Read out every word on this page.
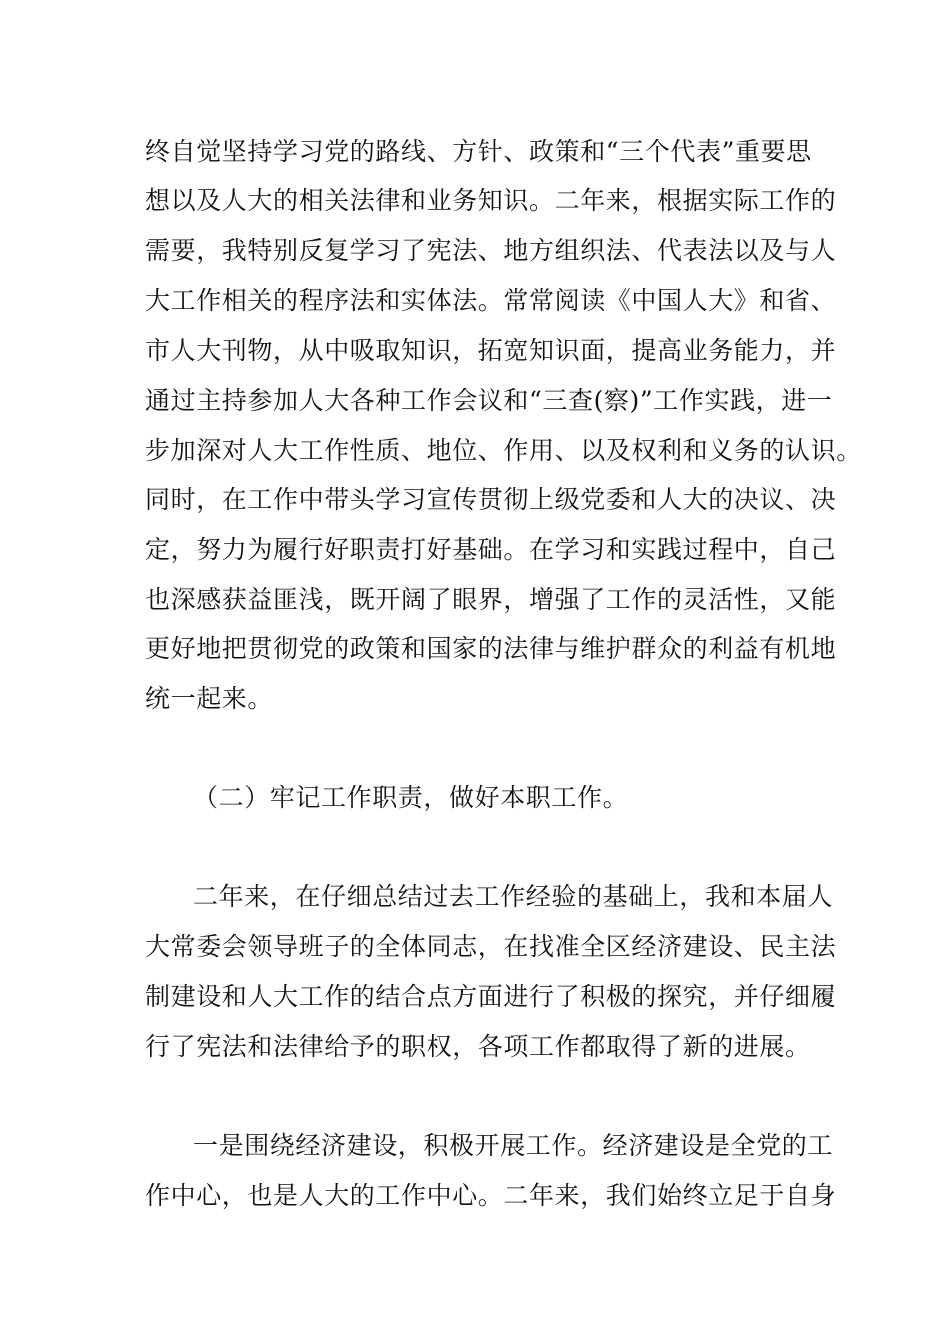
终自觉坚持学习党的路线、方针、政策和“三个代表”重要思
想以及人大的相关法律和业务知识。二年来，根据实际工作的
需要，我特别反复学习了宪法、地方组织法、代表法以及与人
大工作相关的程序法和实体法。常常阅读《中国人大》和省、
市人大刊物，从中吸取知识，拓宽知识面，提高业务能力，并
通过主持参加人大各种工作会议和“三查(察)”工作实践，进一
步加深对人大工作性质、地位、作用、以及权利和义务的认识。
同时，在工作中带头学习宣传贯彻上级党委和人大的决议、决
定，努力为履行好职责打好基础。在学习和实践过程中，自己
也深感获益匪浅，既开阔了眼界，增强了工作的灵活性，又能
更好地把贯彻党的政策和国家的法律与维护群众的利益有机地
统一起来。
（二）牢记工作职责，做好本职工作。
二年来，在仔细总结过去工作经验的基础上，我和本届人
大常委会领导班子的全体同志，在找准全区经济建设、民主法
制建设和人大工作的结合点方面进行了积极的探究，并仔细履
行了宪法和法律给予的职权，各项工作都取得了新的进展。
一是围绕经济建设，积极开展工作。经济建设是全党的工
作中心，也是人大的工作中心。二年来，我们始终立足于自身
